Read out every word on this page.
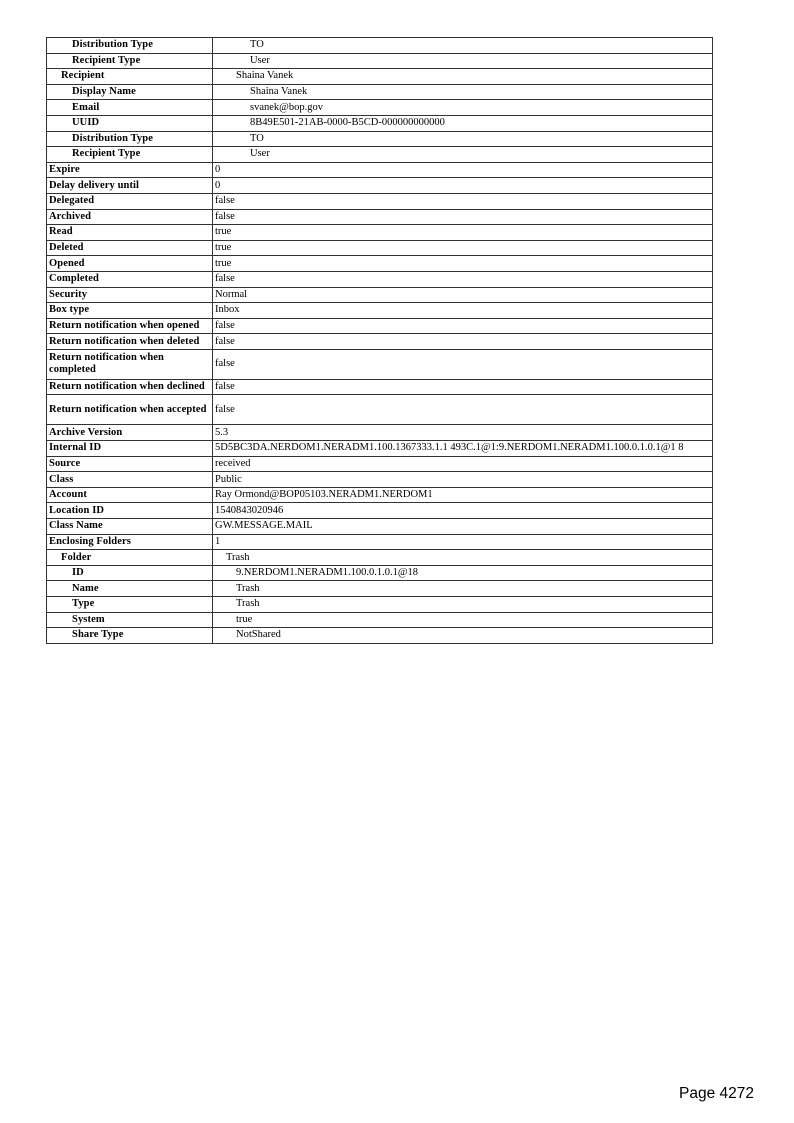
Distribution Type	TO
Recipient Type	User
Recipient	Shaina Vanek
Display Name	Shaina Vanek
Email	svanek@bop.gov
UUID	8B49E501-21AB-0000-B5CD-000000000000
Distribution Type	TO
Recipient Type	User
Expire	0
Delay delivery until	0
Delegated	false
Archived	false
Read	true
Deleted	true
Opened	true
Completed	false
Security	Normal
Box type	Inbox
Return notification when opened	false
Return notification when deleted	false
Return notification when completed	false
Return notification when declined	false
Return notification when accepted	false
Archive Version	5.3
Internal ID	5D5BC3DA.NERDOM1.NERADM1.100.1367333.1.1 493C.1@1:9.NERDOM1.NERADM1.100.0.1.0.1@1 8
Source	received
Class	Public
Account	Ray Ormond@BOP05103.NERADM1.NERDOM1
Location ID	1540843020946
Class Name	GW.MESSAGE.MAIL
Enclosing Folders	1
Folder	Trash
ID	9.NERDOM1.NERADM1.100.0.1.0.1@18
Name	Trash
Type	Trash
System	true
Share Type	NotShared
Page 4272
